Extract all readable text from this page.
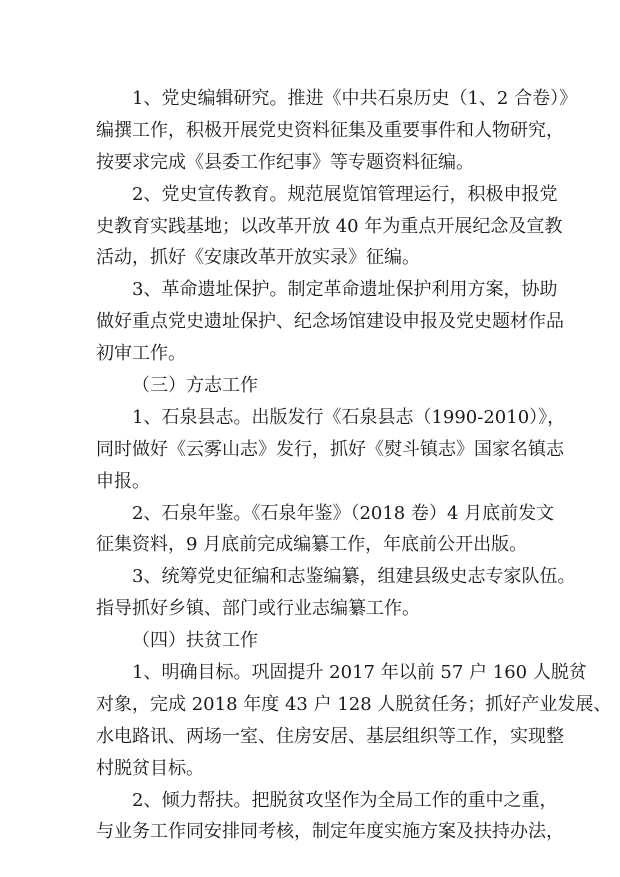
1、党史编辑研究。推进《中共石泉历史（1、2 合卷）》
编撰工作，积极开展党史资料征集及重要事件和人物研究，
按要求完成《县委工作纪事》等专题资料征编。
2、党史宣传教育。规范展览馆管理运行，积极申报党
史教育实践基地；以改革开放 40 年为重点开展纪念及宣教
活动，抓好《安康改革开放实录》征编。
3、革命遗址保护。制定革命遗址保护利用方案，协助
做好重点党史遗址保护、纪念场馆建设申报及党史题材作品
初审工作。
（三）方志工作
1、石泉县志。出版发行《石泉县志（1990-2010）》，
同时做好《云雾山志》发行，抓好《熨斗镇志》国家名镇志
申报。
2、石泉年鉴。《石泉年鉴》（2018 卷）4 月底前发文
征集资料，9 月底前完成编纂工作，年底前公开出版。
3、统筹党史征编和志鉴编纂，组建县级史志专家队伍。
指导抓好乡镇、部门或行业志编纂工作。
（四）扶贫工作
1、明确目标。巩固提升 2017 年以前 57 户 160 人脱贫
对象，完成 2018 年度 43 户 128 人脱贫任务；抓好产业发展、
水电路讯、两场一室、住房安居、基层组织等工作，实现整
村脱贫目标。
2、倾力帮扶。把脱贫攻坚作为全局工作的重中之重，
与业务工作同安排同考核，制定年度实施方案及扶持办法，
